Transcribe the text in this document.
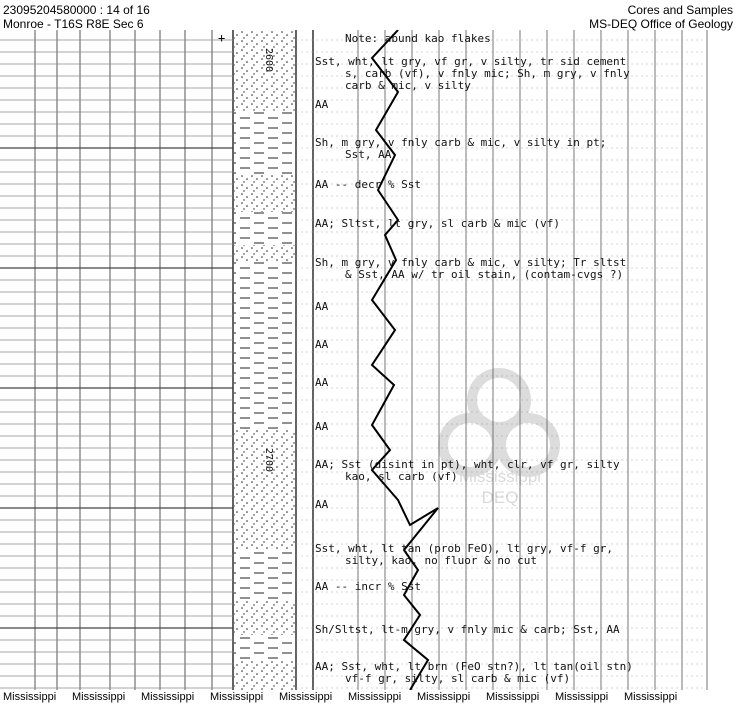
23095204580000 : 14 of 16
Monroe - T16S R8E Sec 6
Cores and Samples
MS-DEQ Office of Geology
+
2600
2700
Mississippi
DEQ
Note: abund kao flakes
Sst, wht, lt gry, vf gr, v silty, tr sid cement
s, carb (vf), v fnly mic; Sh, m gry, v fnly
carb & mic, v silty
AA
Sh, m gry, v fnly carb & mic, v silty in pt;
Sst, AA
AA -- decr % Sst
AA; Sltst, lt gry, sl carb & mic (vf)
Sh, m gry, v fnly carb & mic, v silty; Tr sltst
& Sst, AA w/ tr oil stain, (contam-cvgs ?)
AA
AA
AA
AA
AA; Sst (disint in pt), wht, clr, vf gr, silty
kao, sl carb (vf)
AA
Sst, wht, lt tan (prob FeO), lt gry, vf-f gr,
silty, kao, no fluor & no cut
AA -- incr % Sst
Sh/Sltst, lt-m gry, v fnly mic & carb; Sst, AA
AA; Sst, wht, lt brn (FeO stn?), lt tan(oil stn)
vf-f gr, silty, sl carb & mic (vf)
Mississippi Mississippi Mississippi Mississippi Mississippi Mississippi Mississippi Mississippi Mississippi Mississippi
